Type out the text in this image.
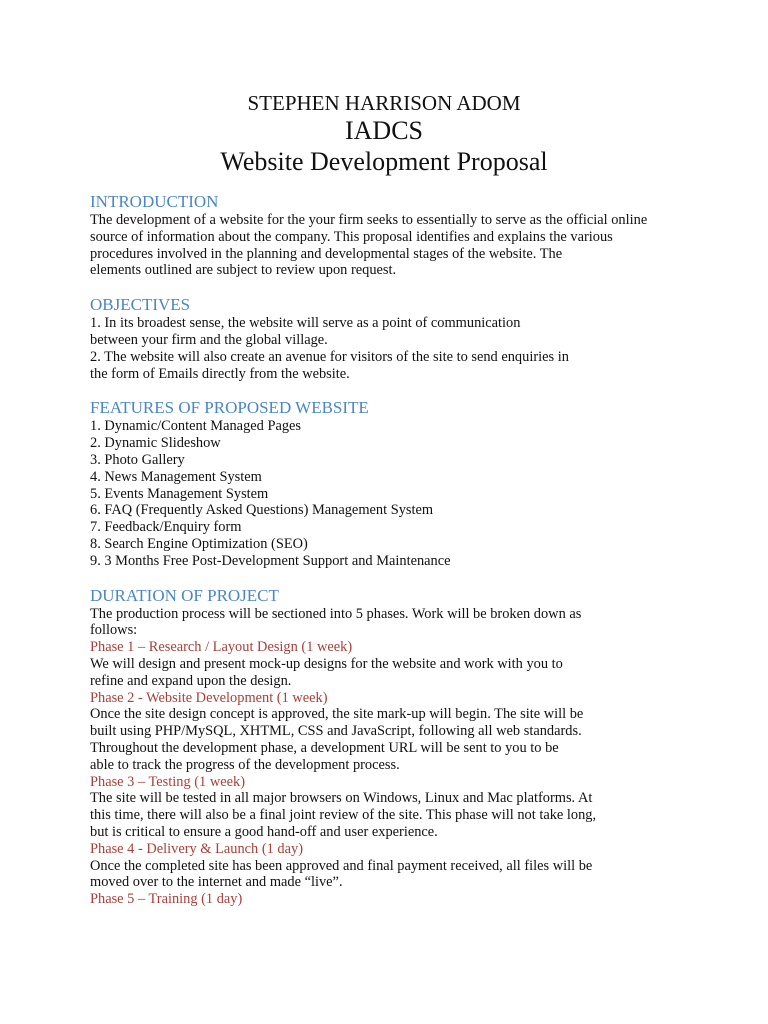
STEPHEN HARRISON ADOM
IADCS
Website Development Proposal
INTRODUCTION
The development of a website for the your firm seeks to essentially to serve as the official online
source of information about the company. This proposal identifies and explains the various
procedures involved in the planning and developmental stages of the website. The
elements outlined are subject to review upon request.
OBJECTIVES
1. In its broadest sense, the website will serve as a point of communication
between your firm and the global village.
2. The website will also create an avenue for visitors of the site to send enquiries in
the form of Emails directly from the website.
FEATURES OF PROPOSED WEBSITE
1. Dynamic/Content Managed Pages
2. Dynamic Slideshow
3. Photo Gallery
4. News Management System
5. Events Management System
6. FAQ (Frequently Asked Questions) Management System
7. Feedback/Enquiry form
8. Search Engine Optimization (SEO)
9. 3 Months Free Post-Development Support and Maintenance
DURATION OF PROJECT
The production process will be sectioned into 5 phases. Work will be broken down as
follows:
Phase 1 – Research / Layout Design (1 week)
We will design and present mock-up designs for the website and work with you to
refine and expand upon the design.
Phase 2 - Website Development (1 week)
Once the site design concept is approved, the site mark-up will begin. The site will be
built using PHP/MySQL, XHTML, CSS and JavaScript, following all web standards.
Throughout the development phase, a development URL will be sent to you to be
able to track the progress of the development process.
Phase 3 – Testing (1 week)
The site will be tested in all major browsers on Windows, Linux and Mac platforms. At
this time, there will also be a final joint review of the site. This phase will not take long,
but is critical to ensure a good hand-off and user experience.
Phase 4 - Delivery & Launch (1 day)
Once the completed site has been approved and final payment received, all files will be
moved over to the internet and made “live”.
Phase 5 – Training (1 day)
